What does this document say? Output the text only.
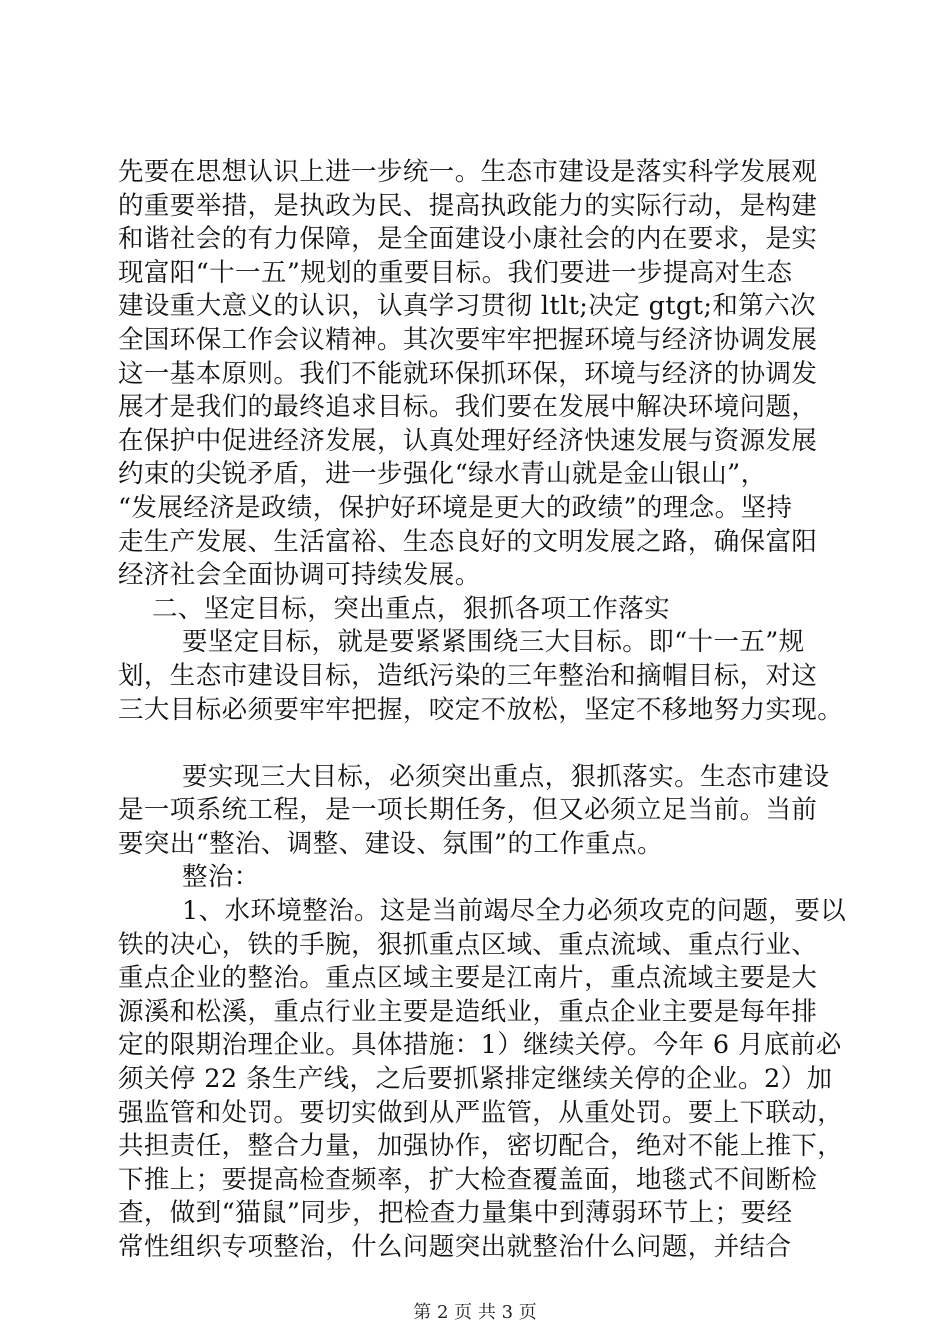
先要在思想认识上进一步统一。生态市建设是落实科学发展观
的重要举措，是执政为民、提高执政能力的实际行动，是构建
和谐社会的有力保障，是全面建设小康社会的内在要求，是实
现富阳“十一五”规划的重要目标。我们要进一步提高对生态
建设重大意义的认识，认真学习贯彻 ltlt;决定 gtgt;和第六次
全国环保工作会议精神。其次要牢牢把握环境与经济协调发展
这一基本原则。我们不能就环保抓环保，环境与经济的协调发
展才是我们的最终追求目标。我们要在发展中解决环境问题，
在保护中促进经济发展，认真处理好经济快速发展与资源发展
约束的尖锐矛盾，进一步强化“绿水青山就是金山银山”，
“发展经济是政绩，保护好环境是更大的政绩”的理念。坚持
走生产发展、生活富裕、生态良好的文明发展之路，确保富阳
经济社会全面协调可持续发展。
二、坚定目标，突出重点，狠抓各项工作落实
要坚定目标，就是要紧紧围绕三大目标。即“十一五”规
划，生态市建设目标，造纸污染的三年整治和摘帽目标，对这
三大目标必须要牢牢把握，咬定不放松，坚定不移地努力实现。
要实现三大目标，必须突出重点，狠抓落实。生态市建设
是一项系统工程，是一项长期任务，但又必须立足当前。当前
要突出“整治、调整、建设、氛围”的工作重点。
整治：
1、水环境整治。这是当前竭尽全力必须攻克的问题，要以
铁的决心，铁的手腕，狠抓重点区域、重点流域、重点行业、
重点企业的整治。重点区域主要是江南片，重点流域主要是大
源溪和松溪，重点行业主要是造纸业，重点企业主要是每年排
定的限期治理企业。具体措施：1）继续关停。今年 6 月底前必
须关停 22 条生产线，之后要抓紧排定继续关停的企业。2）加
强监管和处罚。要切实做到从严监管，从重处罚。要上下联动，
共担责任，整合力量，加强协作，密切配合，绝对不能上推下，
下推上；要提高检查频率，扩大检查覆盖面，地毯式不间断检
查，做到“猫鼠”同步，把检查力量集中到薄弱环节上；要经
常性组织专项整治，什么问题突出就整治什么问题，并结合
第 2 页 共 3 页
